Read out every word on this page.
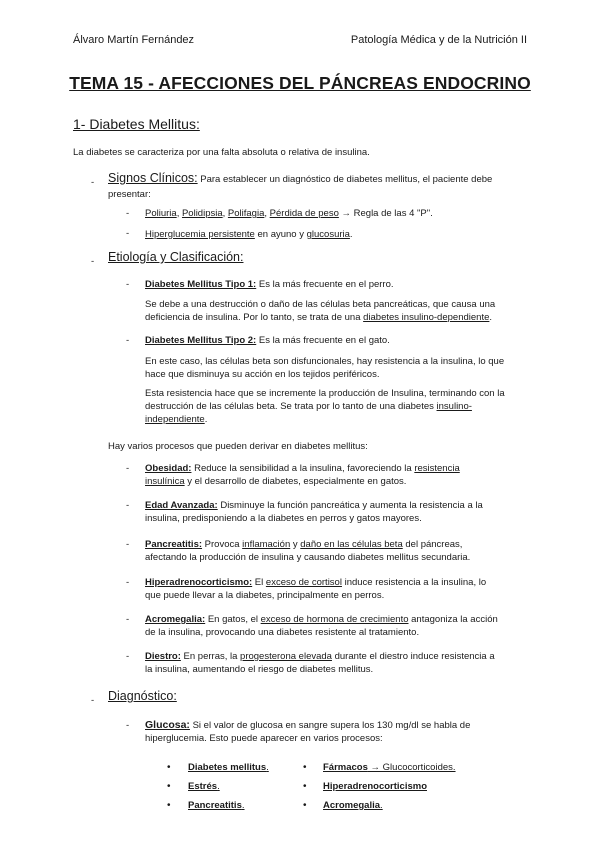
Álvaro Martín Fernández	Patología Médica y de la Nutrición II
TEMA 15 - AFECCIONES DEL PÁNCREAS ENDOCRINO
1- Diabetes Mellitus:
La diabetes se caracteriza por una falta absoluta o relativa de insulina.
- Signos Clínicos: Para establecer un diagnóstico de diabetes mellitus, el paciente debe
presentar:
- Poliuria, Polidipsia, Polifagia, Pérdida de peso → Regla de las 4 "P".
- Hiperglucemia persistente en ayuno y glucosuria.
- Etiología y Clasificación:
- Diabetes Mellitus Tipo 1: Es la más frecuente en el perro.
Se debe a una destrucción o daño de las células beta pancreáticas, que causa una
deficiencia de insulina. Por lo tanto, se trata de una diabetes insulino-dependiente.
- Diabetes Mellitus Tipo 2: Es la más frecuente en el gato.
En este caso, las células beta son disfuncionales, hay resistencia a la insulina, lo que
hace que disminuya su acción en los tejidos periféricos.
Esta resistencia hace que se incremente la producción de Insulina, terminando con la
destrucción de las células beta. Se trata por lo tanto de una diabetes insulino-
independiente.
Hay varios procesos que pueden derivar en diabetes mellitus:
- Obesidad: Reduce la sensibilidad a la insulina, favoreciendo la resistencia
insulínica y el desarrollo de diabetes, especialmente en gatos.
- Edad Avanzada: Disminuye la función pancreática y aumenta la resistencia a la
insulina, predisponiendo a la diabetes en perros y gatos mayores.
- Pancreatitis: Provoca inflamación y daño en las células beta del páncreas,
afectando la producción de insulina y causando diabetes mellitus secundaria.
- Hiperadrenocorticismo: El exceso de cortisol induce resistencia a la insulina, lo
que puede llevar a la diabetes, principalmente en perros.
- Acromegalia: En gatos, el exceso de hormona de crecimiento antagoniza la acción
de la insulina, provocando una diabetes resistente al tratamiento.
- Diestro: En perras, la progesterona elevada durante el diestro induce resistencia a
la insulina, aumentando el riesgo de diabetes mellitus.
- Diagnóstico:
- Glucosa: Si el valor de glucosa en sangre supera los 130 mg/dl se habla de
hiperglucemia. Esto puede aparecer en varios procesos:
• Diabetes mellitus.
• Estrés.
• Pancreatitis.
• Fármacos → Glucocorticoides.
• Hiperadrenocorticismo
• Acromegalia.
